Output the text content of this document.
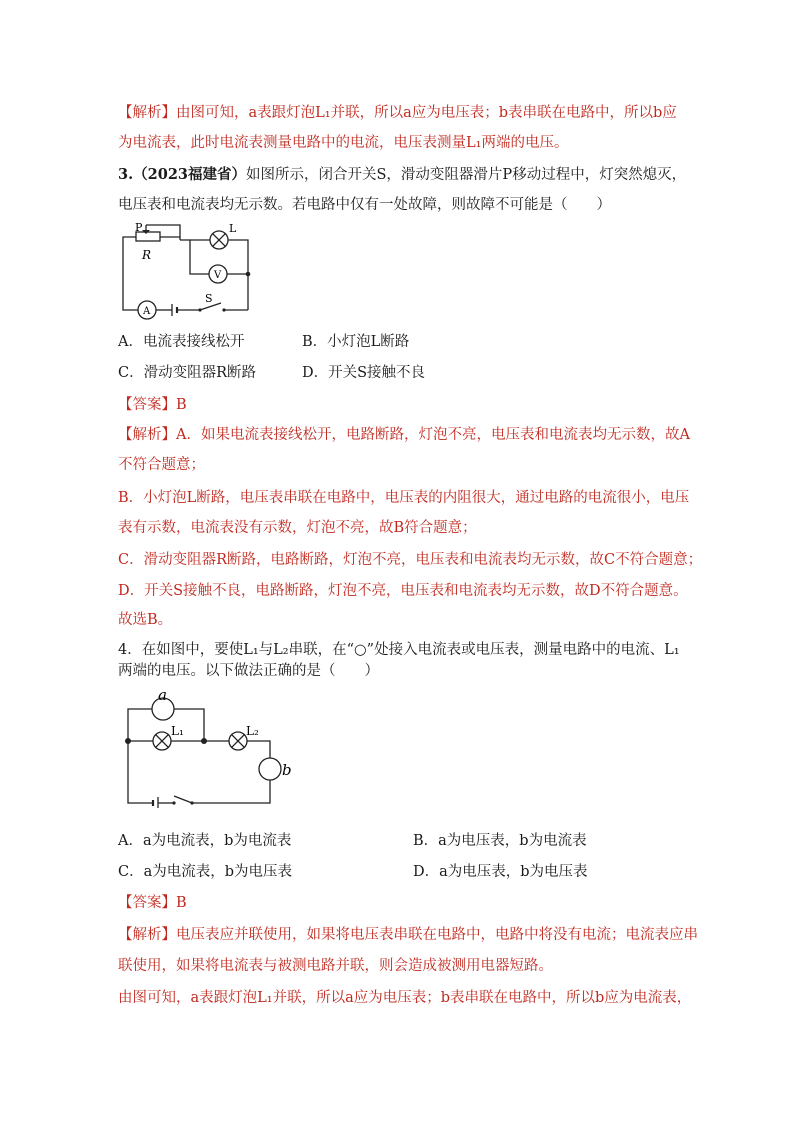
【解析】由图可知，a表跟灯泡L₁并联，所以a应为电压表；b表串联在电路中，所以b应
为电流表，此时电流表测量电路中的电流，电压表测量L₁两端的电压。
3.（2023福建省）如图所示，闭合开关S，滑动变阻器滑片P移动过程中，灯突然熄灭，
电压表和电流表均无示数。若电路中仅有一处故障，则故障不可能是（　　）
P
R
L
V
A
S
A．电流表接线松开	B．小灯泡L断路
C．滑动变阻器R断路	D．开关S接触不良
【答案】B
【解析】A．如果电流表接线松开，电路断路，灯泡不亮，电压表和电流表均无示数，故A
不符合题意；
B．小灯泡L断路，电压表串联在电路中，电压表的内阻很大，通过电路的电流很小，电压
表有示数，电流表没有示数，灯泡不亮，故B符合题意；
C．滑动变阻器R断路，电路断路，灯泡不亮，电压表和电流表均无示数，故C不符合题意；
D．开关S接触不良，电路断路，灯泡不亮，电压表和电流表均无示数，故D不符合题意。
故选B。
4．在如图中，要使L₁与L₂串联，在“○”处接入电流表或电压表，测量电路中的电流、L₁
两端的电压。以下做法正确的是（　　）
a
L₁	L₂
b
A．a为电流表，b为电流表	B．a为电压表，b为电流表
C．a为电流表，b为电压表	D．a为电压表，b为电压表
【答案】B
【解析】电压表应并联使用，如果将电压表串联在电路中，电路中将没有电流；电流表应串
联使用，如果将电流表与被测电路并联，则会造成被测用电器短路。
由图可知，a表跟灯泡L₁并联，所以a应为电压表；b表串联在电路中，所以b应为电流表，
